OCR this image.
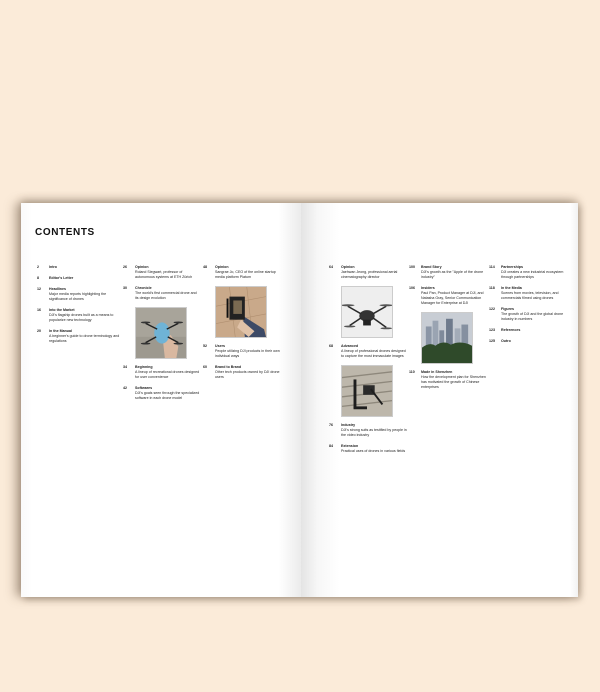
CONTENTS
2	Intro
8	Editor's Letter
12	Headlines
Major media reports highlighting the significance of drones
16	Into the Market
DJI's flagship drones built as a means to popularize new technology
20	In the Manual
A beginner's guide to drone terminology and regulations
26	Opinion
Roland Siegwart, professor of autonomous systems at ETH Zürich
30	Chronicle
The world's first commercial drone and its design evolution
34	Beginning
A lineup of recreational drones designed for user convenience
42	Softwares
DJI's goals seen through the specialized software in each drone model
48	Opinion
Sangrae Jo, CEO of the online startup media platform Platum
52	Users
People utilizing DJI products in their own individual ways
60	Brand to Brand
Other tech products owned by DJI drone users
64	Opinion
Jaehwan Jeong, professional aerial cinematography director
68	Advanced
A lineup of professional drones designed to capture the most immaculate images
76	Industry
DJI's strong suits as testified by people in the video industry
84	Extension
Practical uses of drones in various fields
100	Brand Story
DJI's growth as the "Apple of the drone industry"
106	Insiders
Paul Pan, Product Manager at DJI, and Natasha Gray, Senior Communication Manager for Enterprise at DJI
110	Made in Shenzhen
How the development plan for Shenzhen has motivated the growth of Chinese enterprises
114	Partnerships
DJI creates a new industrial ecosystem through partnerships
118	In the Media
Scenes from movies, television, and commercials filmed using drones
122	Figures
The growth of DJI and the global drone industry in numbers
123	References
125	Outro
